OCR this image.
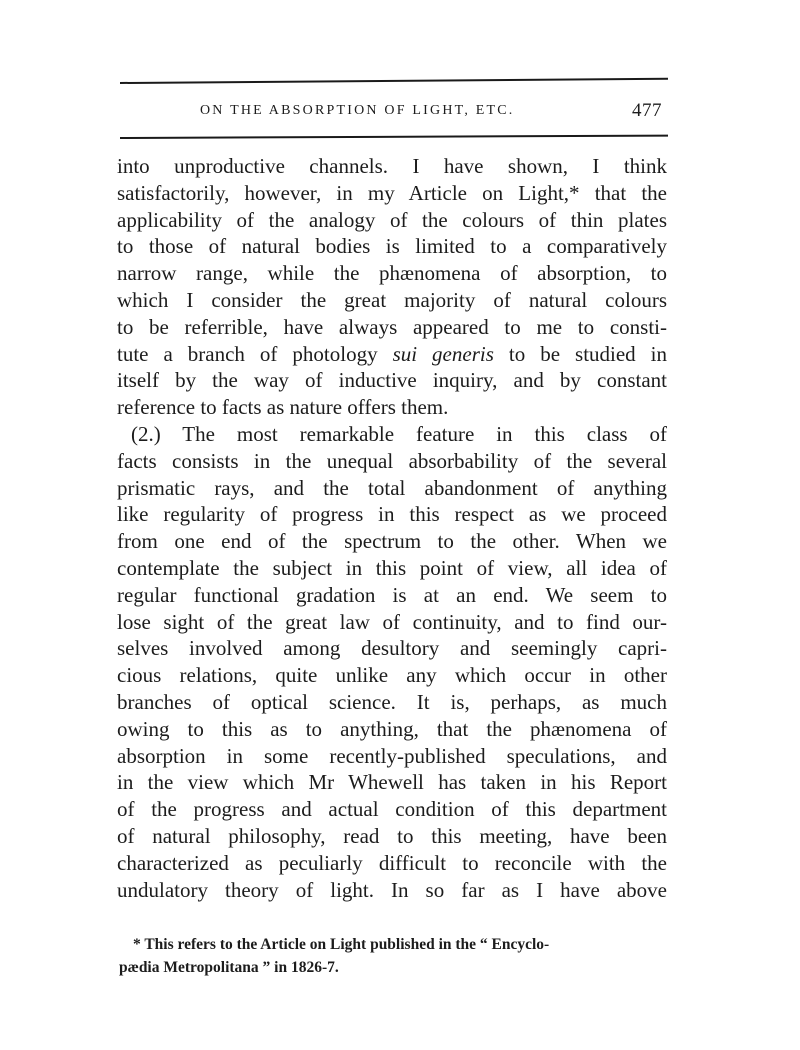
ON THE ABSORPTION OF LIGHT, ETC.	477
into unproductive channels. I have shown, I think
satisfactorily, however, in my Article on Light,* that the
applicability of the analogy of the colours of thin plates
to those of natural bodies is limited to a comparatively
narrow range, while the phænomena of absorption, to
which I consider the great majority of natural colours
to be referrible, have always appeared to me to consti-
tute a branch of photology sui generis to be studied in
itself by the way of inductive inquiry, and by constant
reference to facts as nature offers them.
(2.) The most remarkable feature in this class of
facts consists in the unequal absorbability of the several
prismatic rays, and the total abandonment of anything
like regularity of progress in this respect as we proceed
from one end of the spectrum to the other. When we
contemplate the subject in this point of view, all idea of
regular functional gradation is at an end. We seem to
lose sight of the great law of continuity, and to find our-
selves involved among desultory and seemingly capri-
cious relations, quite unlike any which occur in other
branches of optical science. It is, perhaps, as much
owing to this as to anything, that the phænomena of
absorption in some recently-published speculations, and
in the view which Mr Whewell has taken in his Report
of the progress and actual condition of this department
of natural philosophy, read to this meeting, have been
characterized as peculiarly difficult to reconcile with the
undulatory theory of light. In so far as I have above
* This refers to the Article on Light published in the “ Encyclo-
pædia Metropolitana ” in 1826-7.
